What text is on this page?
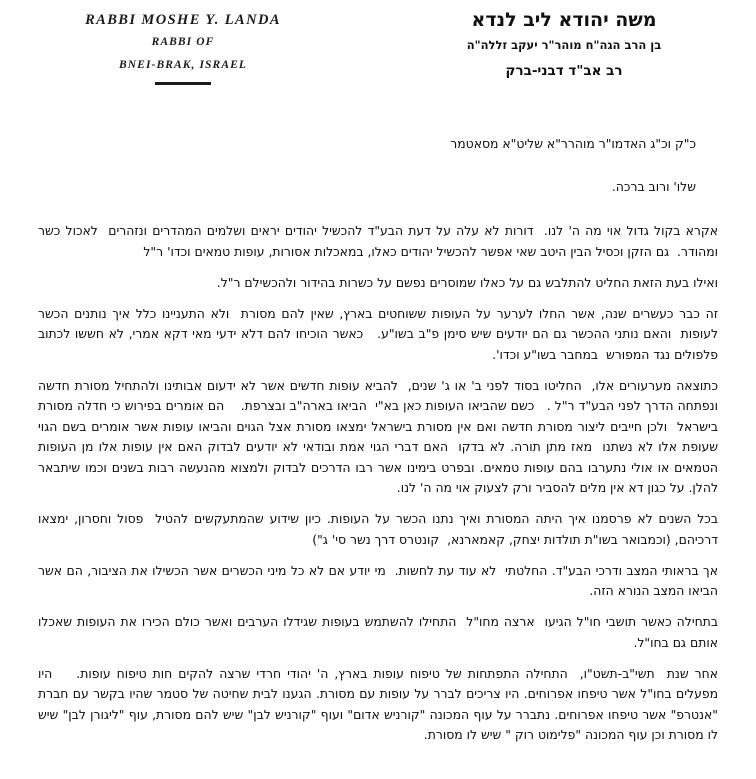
RABBI MOSHE Y. LANDA
RABBI OF
BNEI-BRAK, ISRAEL
משה יהודא ליב לנדא
בן הרב הגה"ח מוהר"ר יעקב זללה"ה
רב אב"ד דבני-ברק
כ"ק וכ"ג האדמו"ר מוהרר"א שליט"א מסאטמר
שלו' ורוב ברכה.

אקרא בקול גדול אוי מה ה' לנו.  דורות לא עלה על דעת הבע"ד להכשיל יהודים יראים ושלמים המהדרים ונזהרים  לאכול כשר ומהודר.  גם הזקן וכסיל הבין היטב שאי אפשר להכשיל יהודים כאלו, במאכלות אסורות, עופות טמאים וכדו' ר"ל

ואילו בעת הזאת החליט להתלבש גם על כאלו שמוסרים נפשם על כשרות בהידור ולהכשילם ר"ל.

זה כבר כעשרים שנה, אשר החלו לערער על העופות ששוחטים בארץ, שאין להם מסורת  ולא התעניינו כלל איך נותנים הכשר לעופות  והאם נותני ההכשר גם הם יודעים שיש סימן פ"ב בשו"ע.   כאשר הוכיחו להם דלא ידעי מאי דקא אמרי, לא חששו לכתוב פלפולים נגד המפורש  במחבר בשו"ע וכדו'.

כתוצאה מערעורים אלו,  החליטו בסוד לפני ב' או ג' שנים,  להביא עופות חדשים אשר לא ידעום אבותינו ולהתחיל מסורת חדשה ונפתחה הדרך לפני הבע"ד ר"ל .   כשם שהביאו העופות כאן בא"י  הביאו בארה"ב ובצרפת.    הם אומרים בפירוש כי חדלה מסורת בישראל  ולכן חייבים ליצור מסורת חדשה ואם אין מסורת בישראל ימצאו מסורת אצל הגוים והביאו עופות אשר אומרים בשם הגוי שעופת אלו לא נשתנו  מאז מתן תורה. לא בדקו  האם דברי הגוי אמת ובודאי לא יודעים לבדוק האם אין עופות אלו מן העופות הטמאים או אולי נתערבו בהם עופות טמאים. ובפרט בימינו אשר רבו הדרכים לבדוק ולמצוא מהנעשה רבות בשנים וכמו שיתבאר להלן. על כגון דא אין מלים להסביר ורק לצעוק אוי מה ה' לנו.

בכל השנים לא פרסמנו איך היתה המסורת ואיך נתנו הכשר על העופות. כיון שידוע שהמתעקשים להטיל  פסול וחסרון, ימצאו דרכיהם, (וכמבואר בשו"ת תולדות יצחק, קאמארנא,  קונטרס דרך נשר סי' ג")

אך בראותי המצב ודרכי הבע"ד. החלטתי  לא עוד עת לחשות.  מי יודע אם לא כל מיני הכשרים אשר הכשילו את הציבור, הם אשר הביאו המצב הנורא הזה.

בתחילה כאשר תושבי חו"ל הגיעו  ארצה מחו"ל  התחילו להשתמש בעופות שגידלו הערבים ואשר כולם הכירו את העופות שאכלו אותם גם בחו"ל.

אחר שנת  תשי"ב-תשט"ו,  התחילה התפתחות של טיפוח עופות בארץ, ה' יהודי חרדי שרצה להקים חות טיפוח עופות.    היו מפעלים בחו"ל אשר טיפחו אפרוחים. היו צריכים לברר על עופות עם מסורת. הגענו לבית שחיטה של סטמר שהיו בקשר עם חברת "אנטרפ" אשר טיפחו אפרוחים. נתברר על עוף המכונה "קורניש אדום" ועוף "קורניש לבן" שיש להם מסורת, עוף "ליגורן לבן" שיש לו מסורת וכן עוף המכונה "פלימוט רוק " שיש לו מסורת.
